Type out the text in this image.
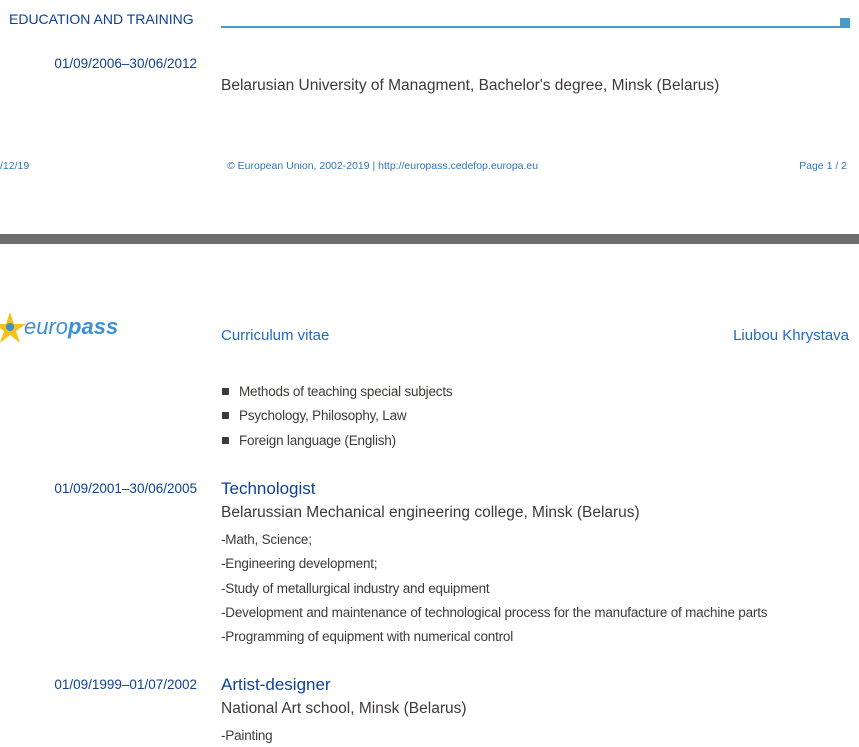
EDUCATION AND TRAINING
01/09/2006–30/06/2012
Belarusian University of Managment, Bachelor's degree, Minsk (Belarus)
/12/19	© European Union, 2002-2019 | http://europass.cedefop.europa.eu	Page 1 / 2
europass	Curriculum vitae	Liubou Khrystava
Methods of teaching special subjects
Psychology, Philosophy, Law
Foreign language (English)
01/09/2001–30/06/2005 Technologist
Belarussian Mechanical engineering college, Minsk (Belarus)
-Math, Science;
-Engineering development;
-Study of metallurgical industry and equipment
-Development and maintenance of technological process for the manufacture of machine parts
-Programming of equipment with numerical control
01/09/1999–01/07/2002 Artist-designer
National Art school, Minsk (Belarus)
-Painting
